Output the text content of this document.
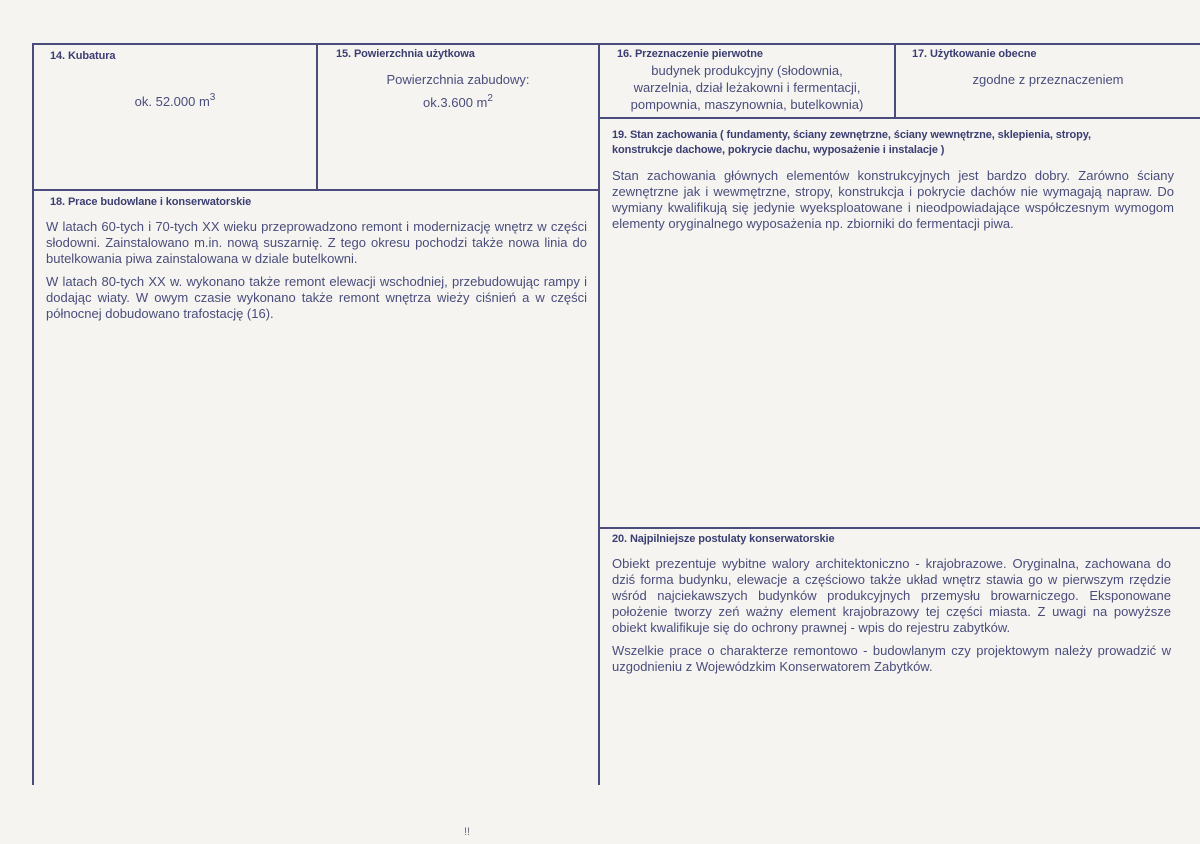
14. Kubatura
ok. 52.000 $m^3$
15. Powierzchnia użytkowa
Powierzchnia zabudowy:
ok.3.600 $m^2$
16. Przeznaczenie pierwotne
budynek produkcyjny (słodownia,
warzelnia, dział leżakowni i fermentacji,
pompownia, maszynownia, butelkownia)
17. Użytkowanie obecne
zgodne z przeznaczeniem
18. Prace budowlane i konserwatorskie

W latach 60-tych i 70-tych XX wieku przeprowadzono remont i modernizację wnętrz w części słodowni. Zainstalowano m.in. nową suszarnię. Z tego okresu pochodzi także nowa linia do butelkowania piwa zainstalowana w dziale butelkowni.

W latach 80-tych XX w. wykonano także remont elewacji wschodniej, przebudowując rampy i dodając wiaty. W owym czasie wykonano także remont wnętrza wieży ciśnień a w części północnej dobudowano trafostację (16).

19. Stan zachowania ( fundamenty, ściany zewnętrzne, ściany wewnętrzne, sklepienia, stropy,
konstrukcje dachowe, pokrycie dachu, wyposażenie i instalacje )

Stan zachowania głównych elementów konstrukcyjnych jest bardzo dobry. Zarówno ściany zewnętrzne jak i wewmętrzne, stropy, konstrukcja i pokrycie dachów nie wymagają napraw. Do wymiany kwalifikują się jedynie wyeksploatowane i nieodpowiadające współczesnym wymogom elementy oryginalnego wyposażenia np. zbiorniki do fermentacji piwa.

20. Najpilniejsze postulaty konserwatorskie

Obiekt prezentuje wybitne walory architektoniczno - krajobrazowe. Oryginalna, zachowana do dziś forma budynku, elewacje a częściowo także układ wnętrz stawia go w pierwszym rzędzie wśród najciekawszych budynków produkcyjnych przemysłu browarniczego. Eksponowane położenie tworzy zeń ważny element krajobrazowy tej części miasta. Z uwagi na powyższe obiekt kwalifikuje się do ochrony prawnej - wpis do rejestru zabytków.

Wszelkie prace o charakterze remontowo - budowlanym czy projektowym należy prowadzić w uzgodnieniu z Wojewódzkim Konserwatorem Zabytków.

!!
